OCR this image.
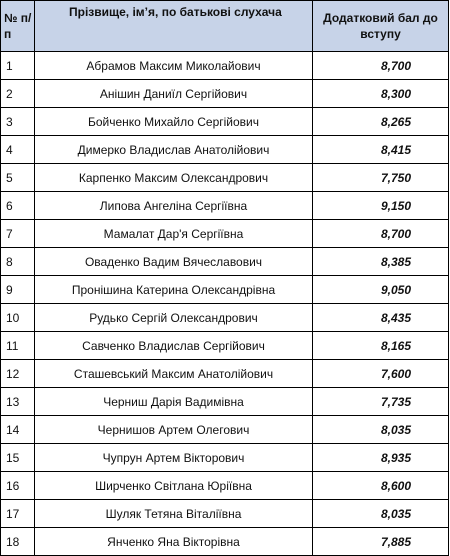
№ п/п	Прізвище, ім’я, по батькові слухача	Додатковий бал до вступу
1	Абрамов Максим Миколайович	8,700
2	Анішин Даниїл Сергійович	8,300
3	Бойченко Михайло Сергійович	8,265
4	Димерко Владислав Анатолійович	8,415
5	Карпенко Максим Олександрович	7,750
6	Липова Ангеліна Сергіївна	9,150
7	Мамалат Дар'я Сергіївна	8,700
8	Оваденко Вадим Вячеславович	8,385
9	Пронішина Катерина Олександрівна	9,050
10	Рудько Сергій Олександрович	8,435
11	Савченко Владислав Сергійович	8,165
12	Сташевський Максим Анатолійович	7,600
13	Черниш Дарія Вадимівна	7,735
14	Чернишов Артем Олегович	8,035
15	Чупрун Артем Вікторович	8,935
16	Ширченко Світлана Юріївна	8,600
17	Шуляк Тетяна Віталіївна	8,035
18	Янченко Яна Вікторівна	7,885
